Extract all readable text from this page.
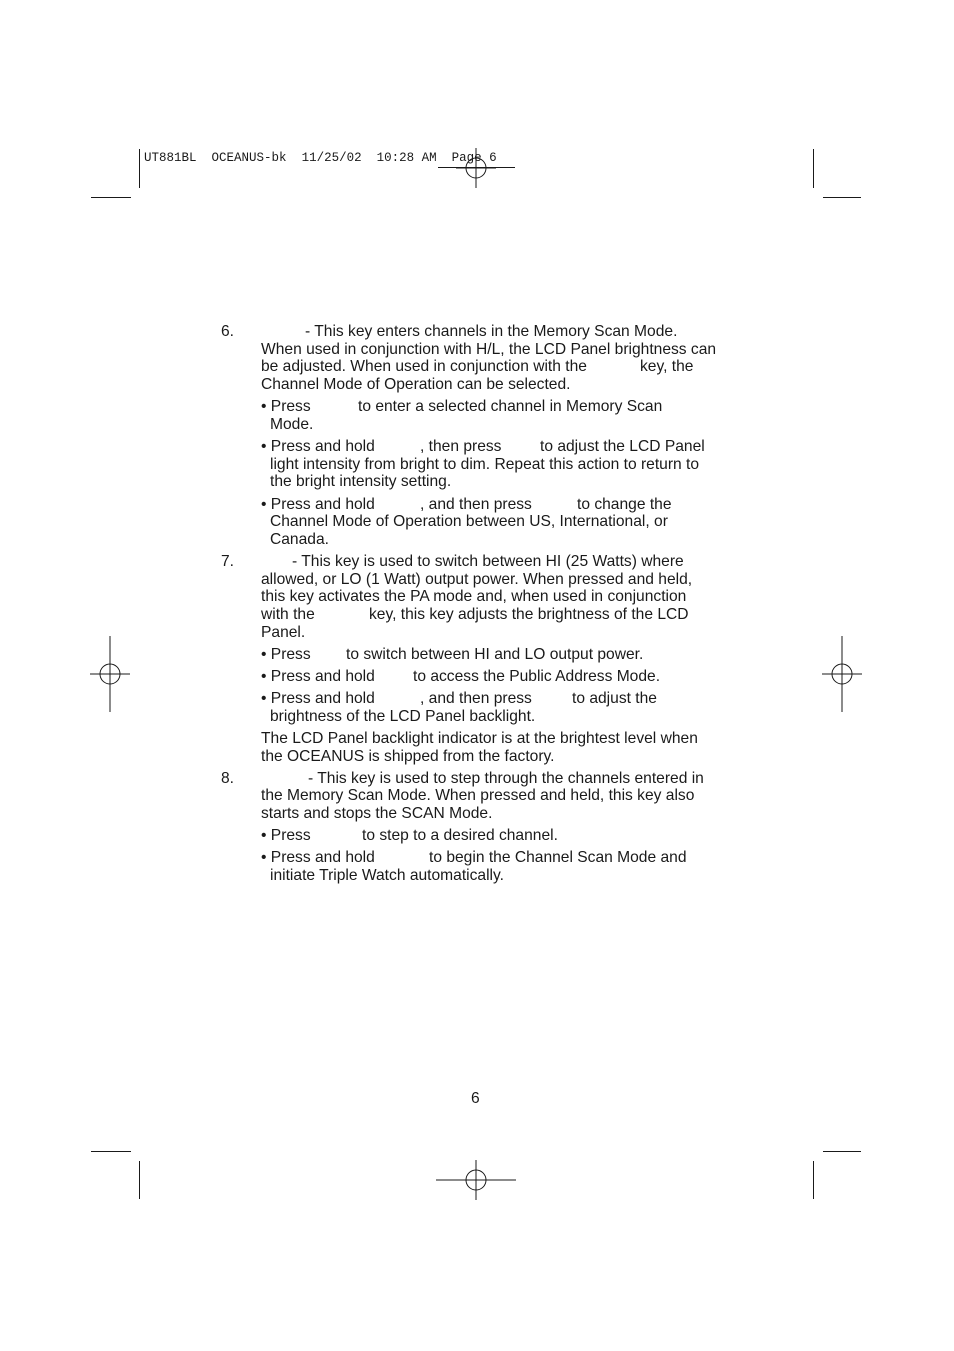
UT881BL OCEANUS-bk 11/25/02 10:28 AM Page 6
6.	- This key enters channels in the Memory Scan Mode.
When used in conjunction with H/L, the LCD Panel brightness can
be adjusted. When used in conjunction with the	key, the
Channel Mode of Operation can be selected.
• Press	to enter a selected channel in Memory Scan
Mode.
• Press and hold	, then press to adjust the LCD Panel
light intensity from bright to dim. Repeat this action to return to
the bright intensity setting.
• Press and hold	, and then press	to change the
Channel Mode of Operation between US, International, or
Canada.
7.	- This key is used to switch between HI (25 Watts) where
allowed, or LO (1 Watt) output power. When pressed and held,
this key activates the PA mode and, when used in conjunction
with the	key, this key adjusts the brightness of the LCD
Panel.
• Press to switch between HI and LO output power.
• Press and hold to access the Public Address Mode.
• Press and hold	, and then press	to adjust the
brightness of the LCD Panel backlight.
The LCD Panel backlight indicator is at the brightest level when
the OCEANUS is shipped from the factory.
8.	- This key is used to step through the channels entered in
the Memory Scan Mode. When pressed and held, this key also
starts and stops the SCAN Mode.
• Press	to step to a desired channel.
• Press and hold	to begin the Channel Scan Mode and
initiate Triple Watch automatically.
6
